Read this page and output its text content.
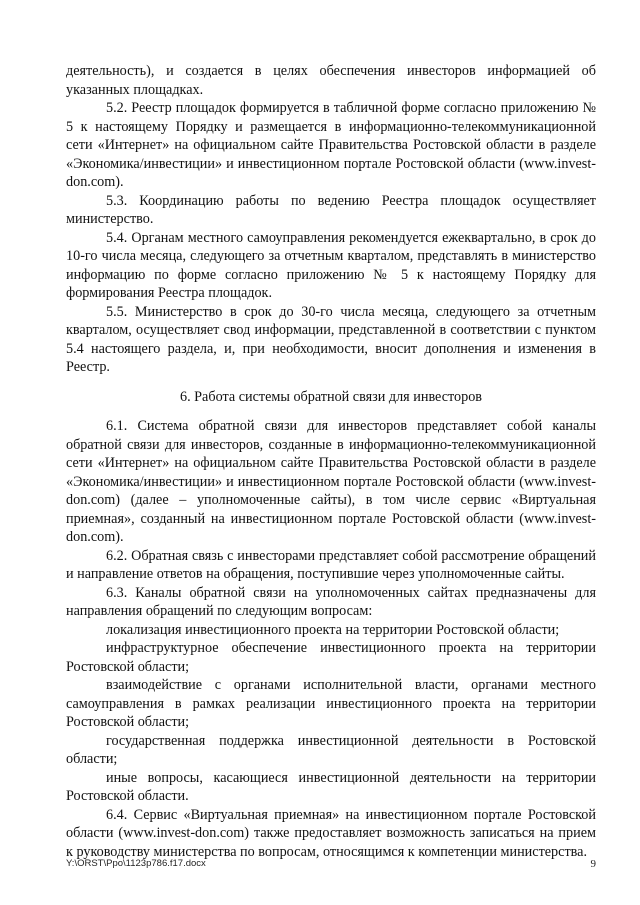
деятельность), и создается в целях обеспечения инвесторов информацией об указанных площадках.

5.2. Реестр площадок формируется в табличной форме согласно приложению № 5 к настоящему Порядку и размещается в информационно-телекоммуникационной сети «Интернет» на официальном сайте Правительства Ростовской области в разделе «Экономика/инвестиции» и инвестиционном портале Ростовской области (www.invest-don.com).

5.3. Координацию работы по ведению Реестра площадок осуществляет министерство.

5.4. Органам местного самоуправления рекомендуется ежеквартально, в срок до 10-го числа месяца, следующего за отчетным кварталом, представлять в министерство информацию по форме согласно приложению № 5 к настоящему Порядку для формирования Реестра площадок.

5.5. Министерство в срок до 30-го числа месяца, следующего за отчетным кварталом, осуществляет свод информации, представленной в соответствии с пунктом 5.4 настоящего раздела, и, при необходимости, вносит дополнения и изменения в Реестр.

6. Работа системы обратной связи для инвесторов

6.1. Система обратной связи для инвесторов представляет собой каналы обратной связи для инвесторов, созданные в информационно-телекоммуникационной сети «Интернет» на официальном сайте Правительства Ростовской области в разделе «Экономика/инвестиции» и инвестиционном портале Ростовской области (www.invest-don.com) (далее – уполномоченные сайты), в том числе сервис «Виртуальная приемная», созданный на инвестиционном портале Ростовской области (www.invest-don.com).

6.2. Обратная связь с инвесторами представляет собой рассмотрение обращений и направление ответов на обращения, поступившие через уполномоченные сайты.

6.3. Каналы обратной связи на уполномоченных сайтах предназначены для направления обращений по следующим вопросам:

локализация инвестиционного проекта на территории Ростовской области;

инфраструктурное обеспечение инвестиционного проекта на территории Ростовской области;

взаимодействие с органами исполнительной власти, органами местного самоуправления в рамках реализации инвестиционного проекта на территории Ростовской области;

государственная поддержка инвестиционной деятельности в Ростовской области;

иные вопросы, касающиеся инвестиционной деятельности на территории Ростовской области.

6.4. Сервис «Виртуальная приемная» на инвестиционном портале Ростовской области (www.invest-don.com) также предоставляет возможность записаться на прием к руководству министерства по вопросам, относящимся к компетенции министерства.

Y:\ORST\Ppo\1123p786.f17.docx	9
